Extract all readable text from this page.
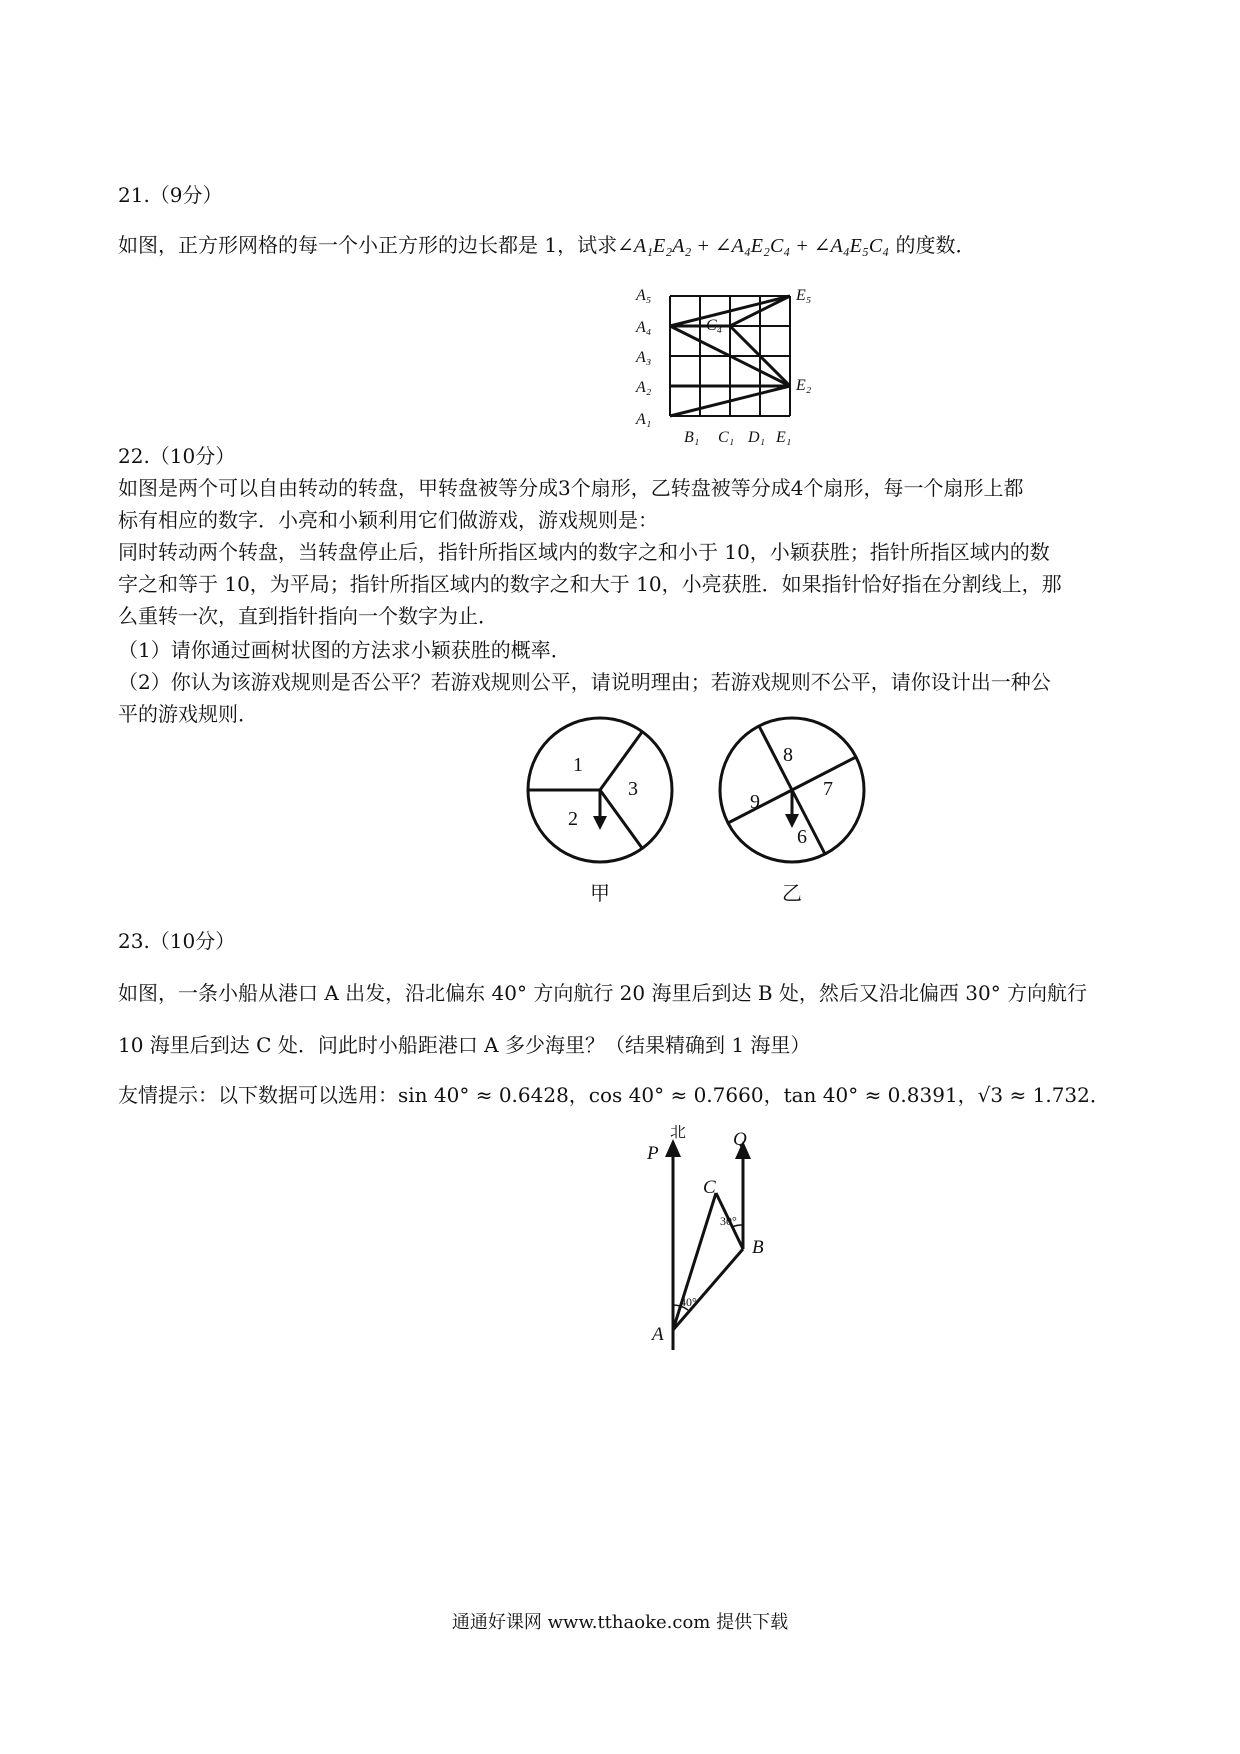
21.（9分）
如图，正方形网格的每一个小正方形的边长都是 1，试求∠A₁E₂A₂ + ∠A₄E₂C₄ + ∠A₄E₅C₄ 的度数．
A₅
A₄
A₃
A₂
A₁
B₁ C₁ D₁ E₁
E₅
E₂
C₄
22.（10分）
如图是两个可以自由转动的转盘，甲转盘被等分成3个扇形，乙转盘被等分成4个扇形，每一个扇形上都
标有相应的数字．小亮和小颖利用它们做游戏，游戏规则是：
同时转动两个转盘，当转盘停止后，指针所指区域内的数字之和小于 10，小颖获胜；指针所指区域内的数
字之和等于 10，为平局；指针所指区域内的数字之和大于 10，小亮获胜．如果指针恰好指在分割线上，那
么重转一次，直到指针指向一个数字为止．
（1）请你通过画树状图的方法求小颖获胜的概率．
（2）你认为该游戏规则是否公平？若游戏规则公平，请说明理由；若游戏规则不公平，请你设计出一种公
平的游戏规则．
1
2
3
甲
8
7
6
9
乙
23.（10分）
如图，一条小船从港口 A 出发，沿北偏东 40° 方向航行 20 海里后到达 B 处，然后又沿北偏西 30° 方向航行
10 海里后到达 C 处．问此时小船距港口 A 多少海里？（结果精确到 1 海里）
友情提示：以下数据可以选用：sin 40° ≈ 0.6428，cos 40° ≈ 0.7660，tan 40° ≈ 0.8391，√3 ≈ 1.732．
P
Q
C
B
A
北
40°
30°
通通好课网 www.tthaoke.com 提供下载
